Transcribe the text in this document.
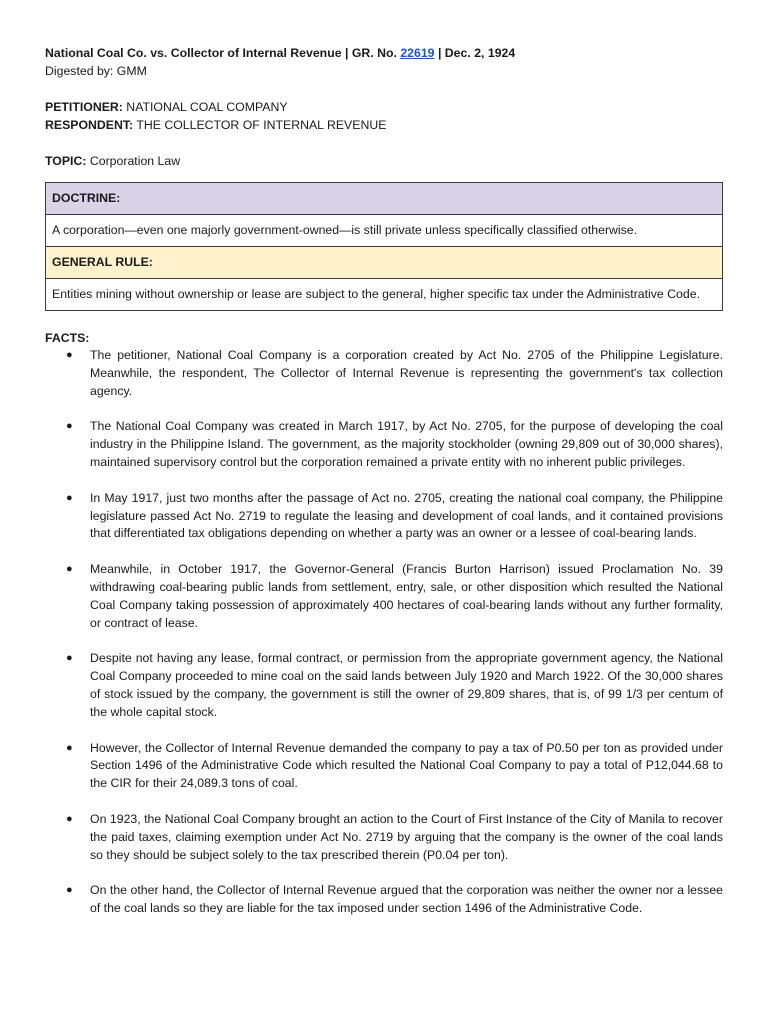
National Coal Co. vs. Collector of Internal Revenue | GR. No. 22619 | Dec. 2, 1924

Digested by: GMM

PETITIONER: NATIONAL COAL COMPANY

RESPONDENT: THE COLLECTOR OF INTERNAL REVENUE

TOPIC: Corporation Law

DOCTRINE:
A corporation—even one majorly government-owned—is still private unless specifically classified otherwise.
GENERAL RULE:
Entities mining without ownership or lease are subject to the general, higher specific tax under the Administrative Code.

FACTS:

● The petitioner, National Coal Company is a corporation created by Act No. 2705 of the Philippine Legislature. Meanwhile, the respondent, The Collector of Internal Revenue is representing the government's tax collection agency.
● The National Coal Company was created in March 1917, by Act No. 2705, for the purpose of developing the coal industry in the Philippine Island. The government, as the majority stockholder (owning 29,809 out of 30,000 shares), maintained supervisory control but the corporation remained a private entity with no inherent public privileges.
● In May 1917, just two months after the passage of Act no. 2705, creating the national coal company, the Philippine legislature passed Act No. 2719 to regulate the leasing and development of coal lands, and it contained provisions that differentiated tax obligations depending on whether a party was an owner or a lessee of coal-bearing lands.
● Meanwhile, in October 1917, the Governor-General (Francis Burton Harrison) issued Proclamation No. 39 withdrawing coal-bearing public lands from settlement, entry, sale, or other disposition which resulted the National Coal Company taking possession of approximately 400 hectares of coal-bearing lands without any further formality, or contract of lease.
● Despite not having any lease, formal contract, or permission from the appropriate government agency, the National Coal Company proceeded to mine coal on the said lands between July 1920 and March 1922. Of the 30,000 shares of stock issued by the company, the government is still the owner of 29,809 shares, that is, of 99 1/3 per centum of the whole capital stock.
● However, the Collector of Internal Revenue demanded the company to pay a tax of P0.50 per ton as provided under Section 1496 of the Administrative Code which resulted the National Coal Company to pay a total of P12,044.68 to the CIR for their 24,089.3 tons of coal.
● On 1923, the National Coal Company brought an action to the Court of First Instance of the City of Manila to recover the paid taxes, claiming exemption under Act No. 2719 by arguing that the company is the owner of the coal lands so they should be subject solely to the tax prescribed therein (P0.04 per ton).
● On the other hand, the Collector of Internal Revenue argued that the corporation was neither the owner nor a lessee of the coal lands so they are liable for the tax imposed under section 1496 of the Administrative Code.
